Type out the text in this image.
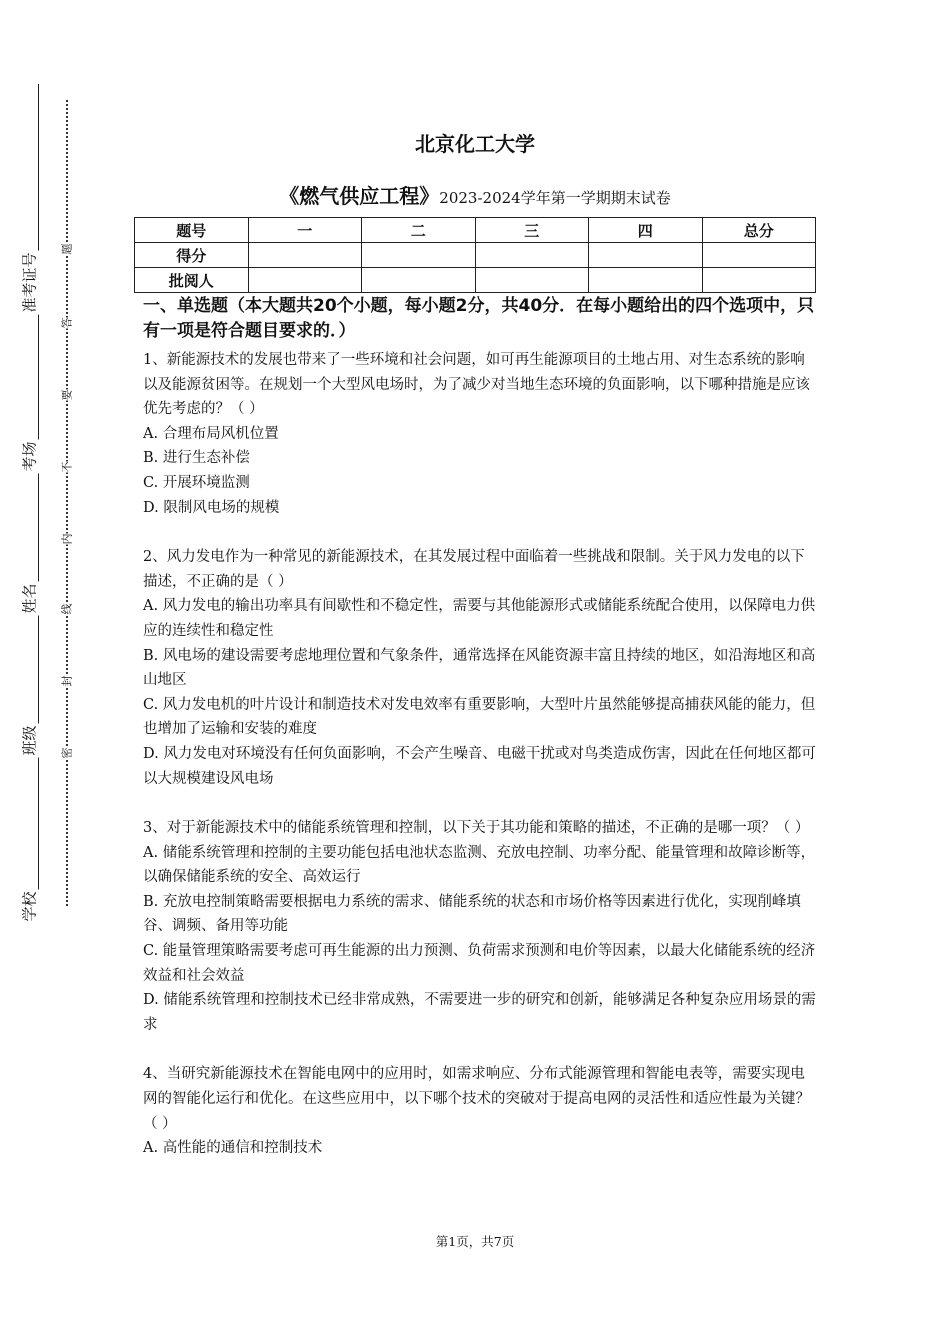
准考证号
考场
姓名
班级
学校
题
答
要
不
内
线
封
密
北京化工大学
《燃气供应工程》2023-2024学年第一学期期末试卷
题号	一	二	三	四	总分
得分					
批阅人					

一、单选题（本大题共20个小题，每小题2分，共40分．在每小题给出的四个选项中，只有一项是符合题目要求的．）

1、新能源技术的发展也带来了一些环境和社会问题，如可再生能源项目的土地占用、对生态系统的影响以及能源贫困等。在规划一个大型风电场时，为了减少对当地生态环境的负面影响，以下哪种措施是应该优先考虑的？（ ）

A. 合理布局风机位置

B. 进行生态补偿

C. 开展环境监测

D. 限制风电场的规模

2、风力发电作为一种常见的新能源技术，在其发展过程中面临着一些挑战和限制。关于风力发电的以下描述，不正确的是（ ）

A. 风力发电的输出功率具有间歇性和不稳定性，需要与其他能源形式或储能系统配合使用，以保障电力供应的连续性和稳定性

B. 风电场的建设需要考虑地理位置和气象条件，通常选择在风能资源丰富且持续的地区，如沿海地区和高山地区

C. 风力发电机的叶片设计和制造技术对发电效率有重要影响，大型叶片虽然能够提高捕获风能的能力，但也增加了运输和安装的难度

D. 风力发电对环境没有任何负面影响，不会产生噪音、电磁干扰或对鸟类造成伤害，因此在任何地区都可以大规模建设风电场

3、对于新能源技术中的储能系统管理和控制，以下关于其功能和策略的描述，不正确的是哪一项？（ ）

A. 储能系统管理和控制的主要功能包括电池状态监测、充放电控制、功率分配、能量管理和故障诊断等，以确保储能系统的安全、高效运行

B. 充放电控制策略需要根据电力系统的需求、储能系统的状态和市场价格等因素进行优化，实现削峰填谷、调频、备用等功能

C. 能量管理策略需要考虑可再生能源的出力预测、负荷需求预测和电价等因素，以最大化储能系统的经济效益和社会效益

D. 储能系统管理和控制技术已经非常成熟，不需要进一步的研究和创新，能够满足各种复杂应用场景的需求

4、当研究新能源技术在智能电网中的应用时，如需求响应、分布式能源管理和智能电表等，需要实现电网的智能化运行和优化。在这些应用中，以下哪个技术的突破对于提高电网的灵活性和适应性最为关键？（ ）

A. 高性能的通信和控制技术

第1页，共7页
